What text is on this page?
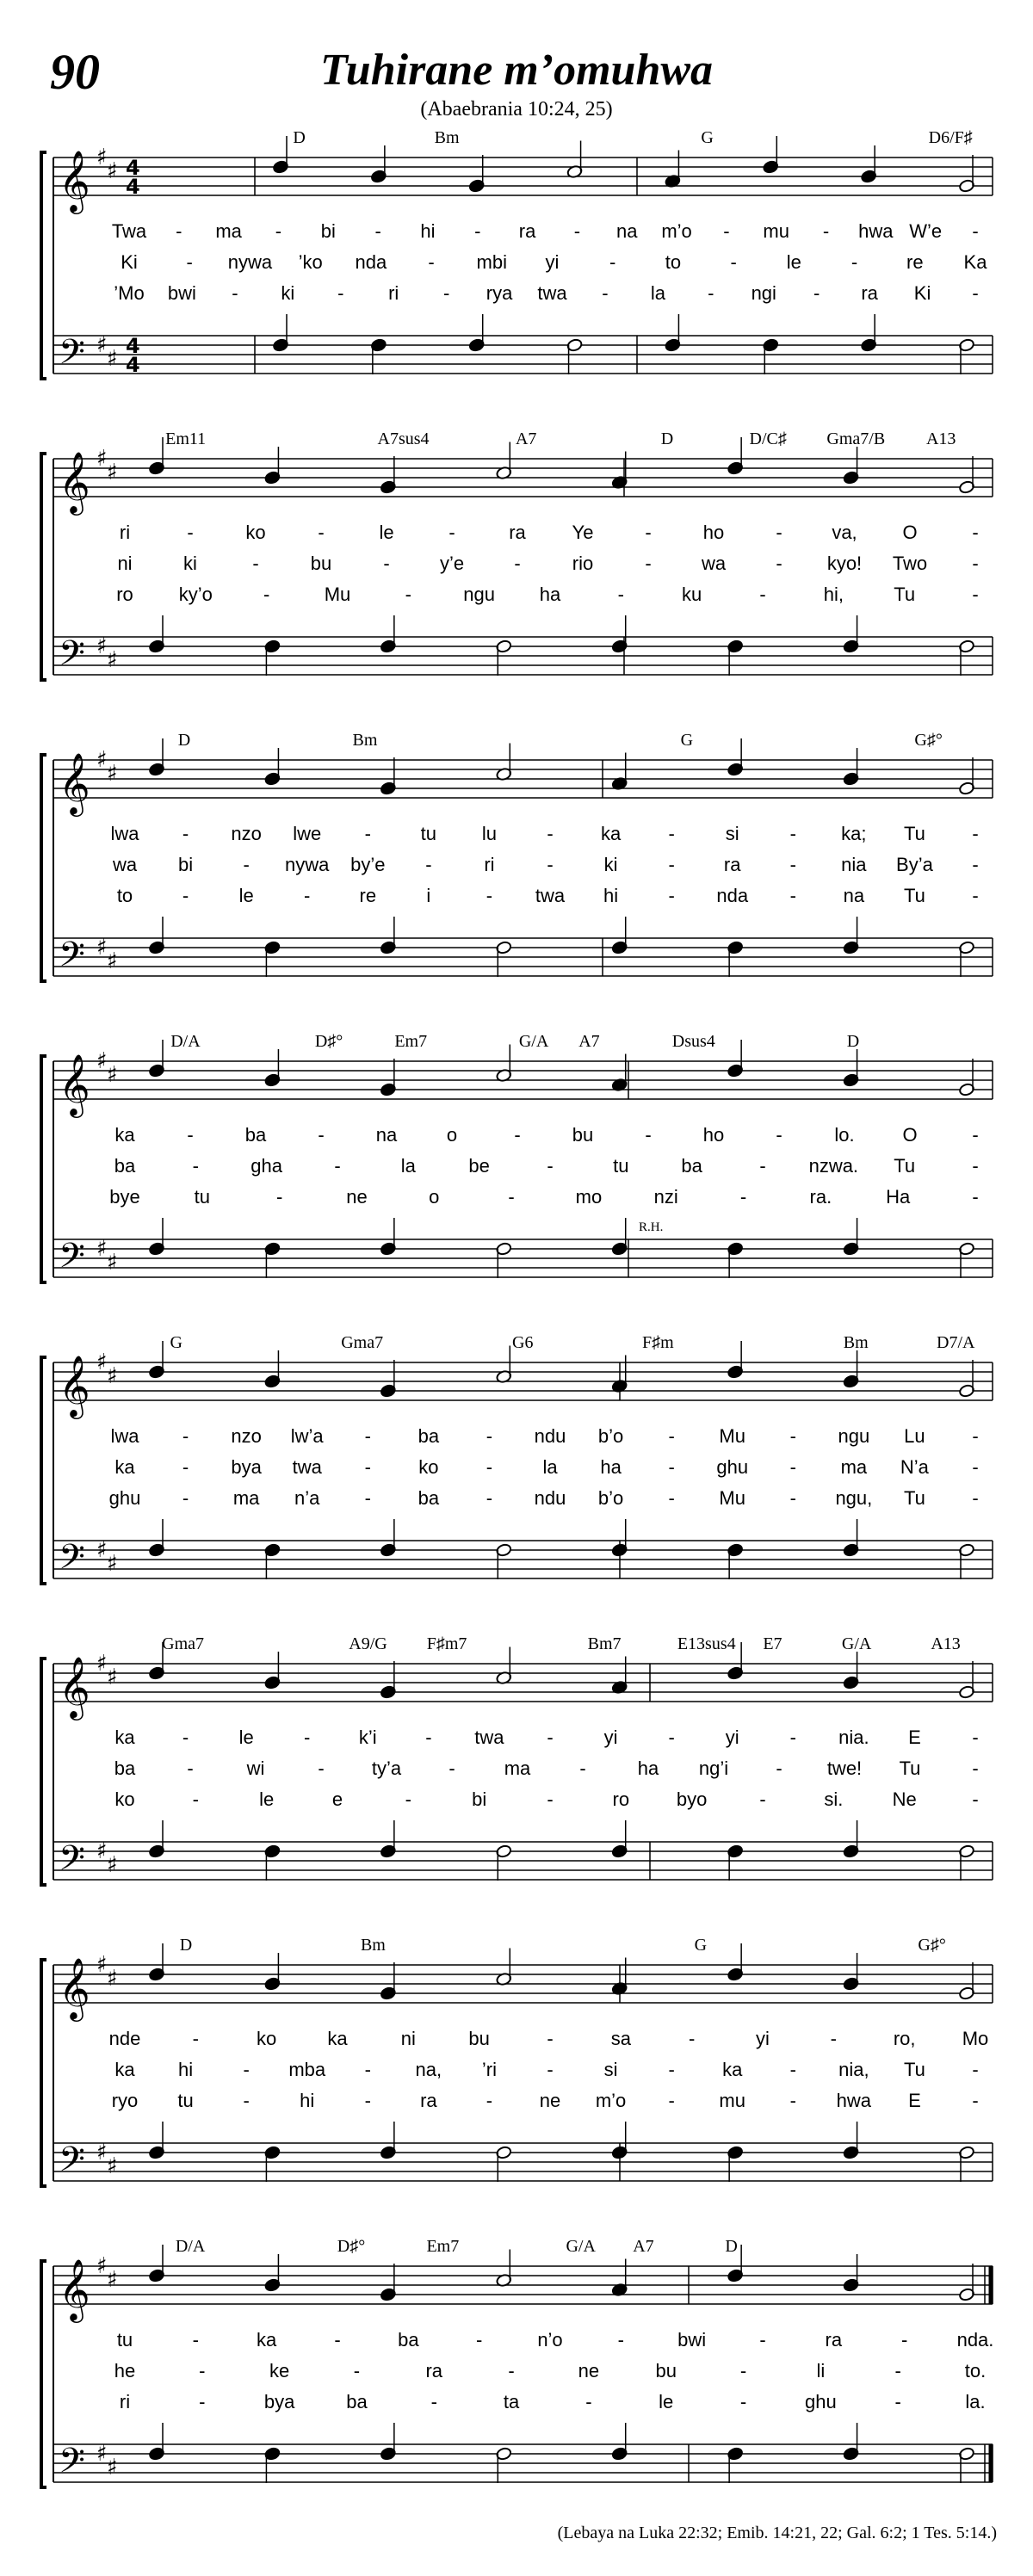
90	Tuhirane m’omuhwa
(Abaebrania 10:24, 25)
D	Bm	G	D6/F♯
𝄞
𝄢
♯
♯
♯
♯
4
4
4
4
Twa - ma - bi - hi - ra - na m’o - mu - hwa W’e -
Ki	- nywa ’ko nda - mbi yi	-	to	-	le	-	re Ka
’Mo bwi - ki - ri - rya twa - la - ngi - ra Ki -
Em11	A7sus4	A7	D	D/C♯ Gma7/B A13
𝄞
𝄢
♯
♯
♯
♯
ri	-	ko	-	le	-	ra Ye	-	ho	-	va, O	-
ni	ki	-	bu	-	y’e	-	rio	-	wa	- kyo! Two -
ro ky’o	-	Mu	-	ngu ha	-	ku	-	hi,	Tu	-
D	Bm	G	G♯°
𝄞
𝄢
♯
♯
♯
♯
lwa - nzo lwe -	tu lu	-	ka	-	si	- ka; Tu -
wa bi	- nywa by’e -	ri	-	ki	-	ra	- nia By’a -
to	-	le	-	re	i	- twa hi	- nda - na Tu -
D/A	D♯°	Em7	G/A A7	Dsus4	D
𝄞
𝄢
♯
♯
♯
♯
ka	-	ba	-	na	o	-	bu	-	ho	-	lo.	O	-
ba	-	gha	-	la	be	-	tu	ba	- nzwa. Tu	-
bye	tu	-	ne	o	-	mo	nzi	-	ra.	Ha	-
R.H.
G	Gma7	G6	F♯m	Bm	D7/A
𝄞
𝄢
♯
♯
♯
♯
lwa - nzo lw’a - ba - ndu b’o - Mu - ngu Lu -
ka	- bya twa -	ko	-	la ha - ghu - ma N’a -
ghu - ma n’a - ba - ndu b’o - Mu - ngu, Tu -
Gma7	A9/G F♯m7	Bm7	E13sus4 E7	G/A	A13
𝄞
𝄢
♯
♯
♯
♯
ka	-	le	-	k’i	- twa -	yi	-	yi	- nia. E	-
ba	-	wi	-	ty’a	-	ma	-	ha ng’i	- twe! Tu	-
ko	-	le	e	-	bi	-	ro byo	-	si.	Ne	-
D	Bm	G	G♯°
𝄞
𝄢
♯
♯
♯
♯
nde	-	ko	ka	ni	bu	-	sa	-	yi	-	ro, Mo
ka hi	- mba - na, ’ri	-	si	-	ka	- nia, Tu -
ryo tu	-	hi	-	ra	- ne m’o - mu - hwa E	-
D/A	D♯°	Em7	G/A A7	D
𝄞
𝄢
♯
♯
♯
♯
tu	-	ka	-	ba	-	n’o	-	bwi	-	ra	-	nda.
he	-	ke	-	ra	-	ne	bu	-	li	-	to.
ri	-	bya	ba	-	ta	-	le	-	ghu	-	la.
(Lebaya na Luka 22:32; Emib. 14:21, 22; Gal. 6:2; 1 Tes. 5:14.)
